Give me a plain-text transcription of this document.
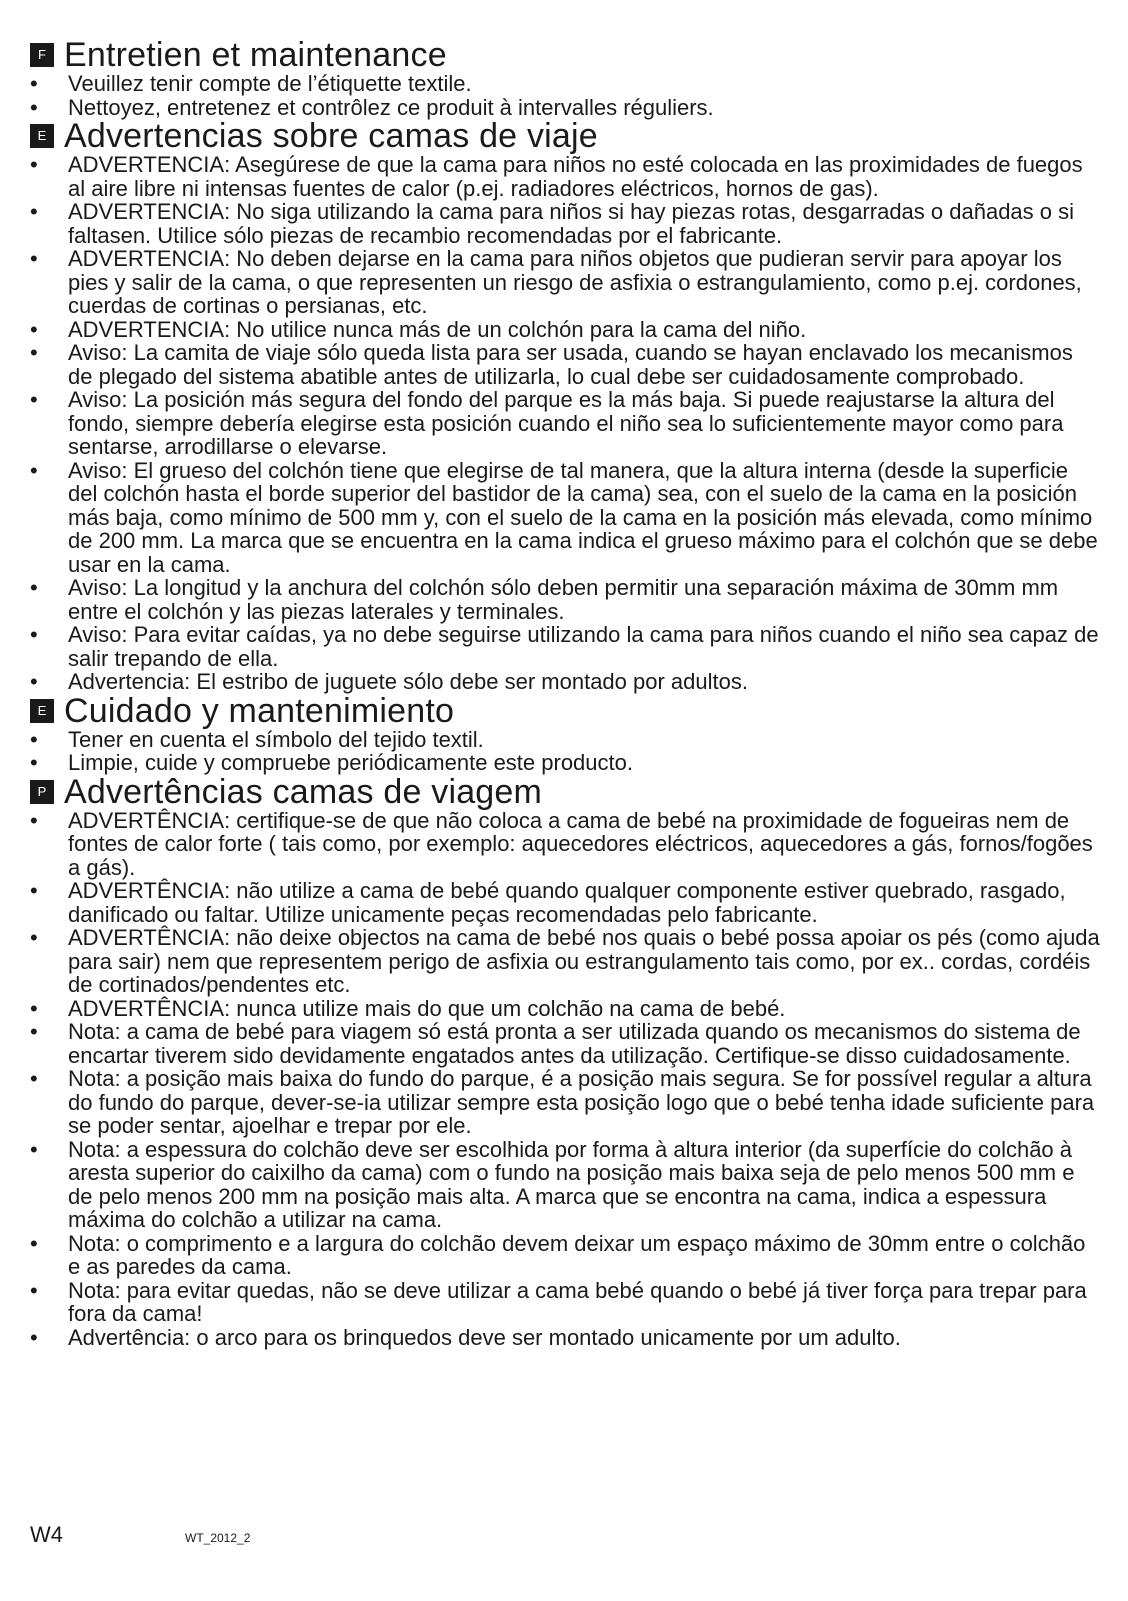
F Entretien et maintenance
•	Veuillez tenir compte de l’étiquette textile.
•	Nettoyez, entretenez et contrôlez ce produit à intervalles réguliers.
E Advertencias sobre camas de viaje
•	ADVERTENCIA: Asegúrese de que la cama para niños no esté colocada en las proximidades de fuegos al aire libre ni intensas fuentes de calor (p.ej. radiadores eléctricos, hornos de gas).
•	ADVERTENCIA: No siga utilizando la cama para niños si hay piezas rotas, desgarradas o dañadas o si faltasen. Utilice sólo piezas de recambio recomendadas por el fabricante.
•	ADVERTENCIA: No deben dejarse en la cama para niños objetos que pudieran servir para apoyar los pies y salir de la cama, o que representen un riesgo de asfixia o estrangulamiento, como p.ej. cordones, cuerdas de cortinas o persianas, etc.
•	ADVERTENCIA: No utilice nunca más de un colchón para la cama del niño.
•	Aviso: La camita de viaje sólo queda lista para ser usada, cuando se hayan enclavado los mecanismos de plegado del sistema abatible antes de utilizarla, lo cual debe ser cuidadosamente comprobado.
•	Aviso: La posición más segura del fondo del parque es la más baja. Si puede reajustarse la altura del fondo, siempre debería elegirse esta posición cuando el niño sea lo suficientemente mayor como para sentarse, arrodillarse o elevarse.
•	Aviso: El grueso del colchón tiene que elegirse de tal manera, que la altura interna (desde la superficie del colchón hasta el borde superior del bastidor de la cama) sea, con el suelo de la cama en la posición más baja, como mínimo de 500 mm y, con el suelo de la cama en la posición más elevada, como mínimo de 200 mm. La marca que se encuentra en la cama indica el grueso máximo para el colchón que se debe usar en la cama.
•	Aviso: La longitud y la anchura del colchón sólo deben permitir una separación máxima de 30mm mm entre el colchón y las piezas laterales y terminales.
•	Aviso: Para evitar caídas, ya no debe seguirse utilizando la cama para niños cuando el niño sea capaz de salir trepando de ella.
•	Advertencia: El estribo de juguete sólo debe ser montado por adultos.
E Cuidado y mantenimiento
•	Tener en cuenta el símbolo del tejido textil.
•	Limpie, cuide y compruebe periódicamente este producto.
P Advertências camas de viagem
•	ADVERTÊNCIA: certifique-se de que não coloca a cama de bebé na proximidade de fogueiras nem de fontes de calor forte ( tais como, por exemplo: aquecedores eléctricos, aquecedores a gás, fornos/fogões a gás).
•	ADVERTÊNCIA: não utilize a cama de bebé quando qualquer componente estiver quebrado, rasgado, danificado ou faltar. Utilize unicamente peças recomendadas pelo fabricante.
•	ADVERTÊNCIA: não deixe objectos na cama de bebé nos quais o bebé possa apoiar os pés (como ajuda para sair) nem que representem perigo de asfixia ou estrangulamento tais como, por ex.. cordas, cordéis de cortinados/pendentes etc.
•	ADVERTÊNCIA: nunca utilize mais do que um colchão na cama de bebé.
•	Nota: a cama de bebé para viagem só está pronta a ser utilizada quando os mecanismos do sistema de encartar tiverem sido devidamente engatados antes da utilização. Certifique-se disso cuidadosamente.
•	Nota: a posição mais baixa do fundo do parque, é a posição mais segura. Se for possível regular a altura do fundo do parque, dever-se-ia utilizar sempre esta posição logo que o bebé tenha idade suficiente para se poder sentar, ajoelhar e trepar por ele.
•	Nota: a espessura do colchão deve ser escolhida por forma à altura interior (da superfície do colchão à aresta superior do caixilho da cama) com o fundo na posição mais baixa seja de pelo menos 500 mm e de pelo menos 200 mm na posição mais alta. A marca que se encontra na cama, indica a espessura máxima do colchão a utilizar na cama.
•	Nota: o comprimento e a largura do colchão devem deixar um espaço máximo de 30mm entre o colchão e as paredes da cama.
•	Nota: para evitar quedas, não se deve utilizar a cama bebé quando o bebé já tiver força para trepar para fora da cama!
•	Advertência: o arco para os brinquedos deve ser montado unicamente por um adulto.
W4	WT_2012_2
